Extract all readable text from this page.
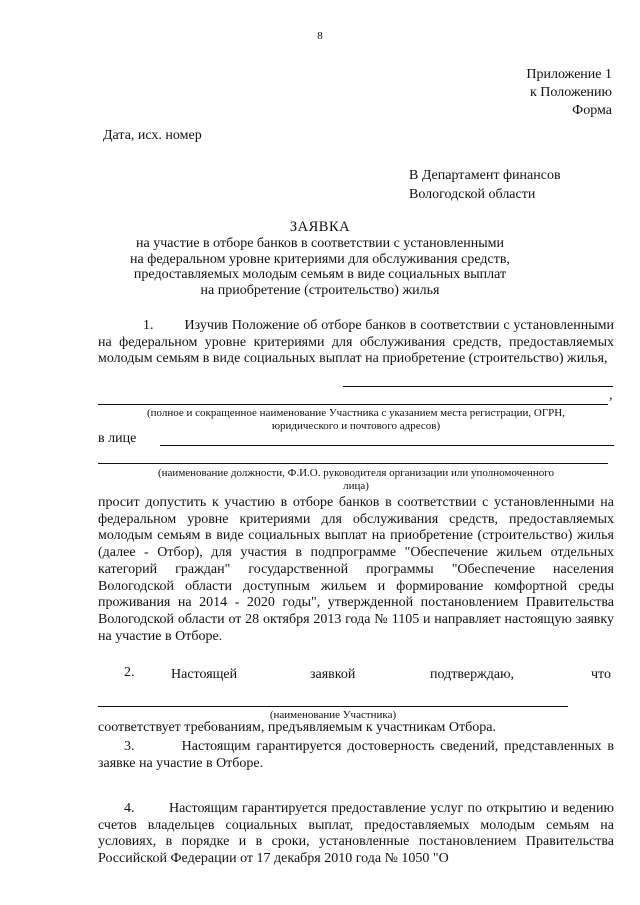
8
Приложение 1
к Положению
Форма
Дата, исх. номер
В Департамент финансов
Вологодской области
ЗАЯВКА
на участие в отборе банков в соответствии с установленными
на федеральном уровне критериями для обслуживания средств,
предоставляемых молодым семьям в виде социальных выплат
на приобретение (строительство) жилья
1.        Изучив Положение об отборе банков в соответствии с установленными на федеральном уровне критериями для обслуживания средств, предоставляемых молодым семьям в виде социальных выплат на приобретение (строительство) жилья,
,
(полное и сокращенное наименование Участника с указанием места регистрации, ОГРН,
юридического и почтового адресов)
в лице
(наименование должности, Ф.И.О. руководителя организации или уполномоченного
лица)
просит допустить к участию в отборе банков в соответствии с установленными на федеральном уровне критериями для обслуживания средств, предоставляемых молодым семьям в виде социальных выплат на приобретение (строительство) жилья (далее - Отбор), для участия в подпрограмме "Обеспечение жильем отдельных категорий граждан" государственной программы "Обеспечение населения Вологодской области доступным жильем и формирование комфортной среды проживания на 2014 - 2020 годы", утвержденной постановлением Правительства Вологодской области от 28 октября 2013 года № 1105 и направляет настоящую заявку на участие в Отборе.
2.	Настоящей	заявкой	подтверждаю,	что
(наименование Участника)
соответствует требованиям, предъявляемым к участникам Отбора.
3.        Настоящим гарантируется достоверность сведений, представленных в заявке на участие в Отборе.
4.        Настоящим гарантируется предоставление услуг по открытию и ведению счетов владельцев социальных выплат, предоставляемых молодым семьям на условиях, в порядке и в сроки, установленные постановлением Правительства Российской Федерации от 17 декабря 2010 года № 1050 "О
